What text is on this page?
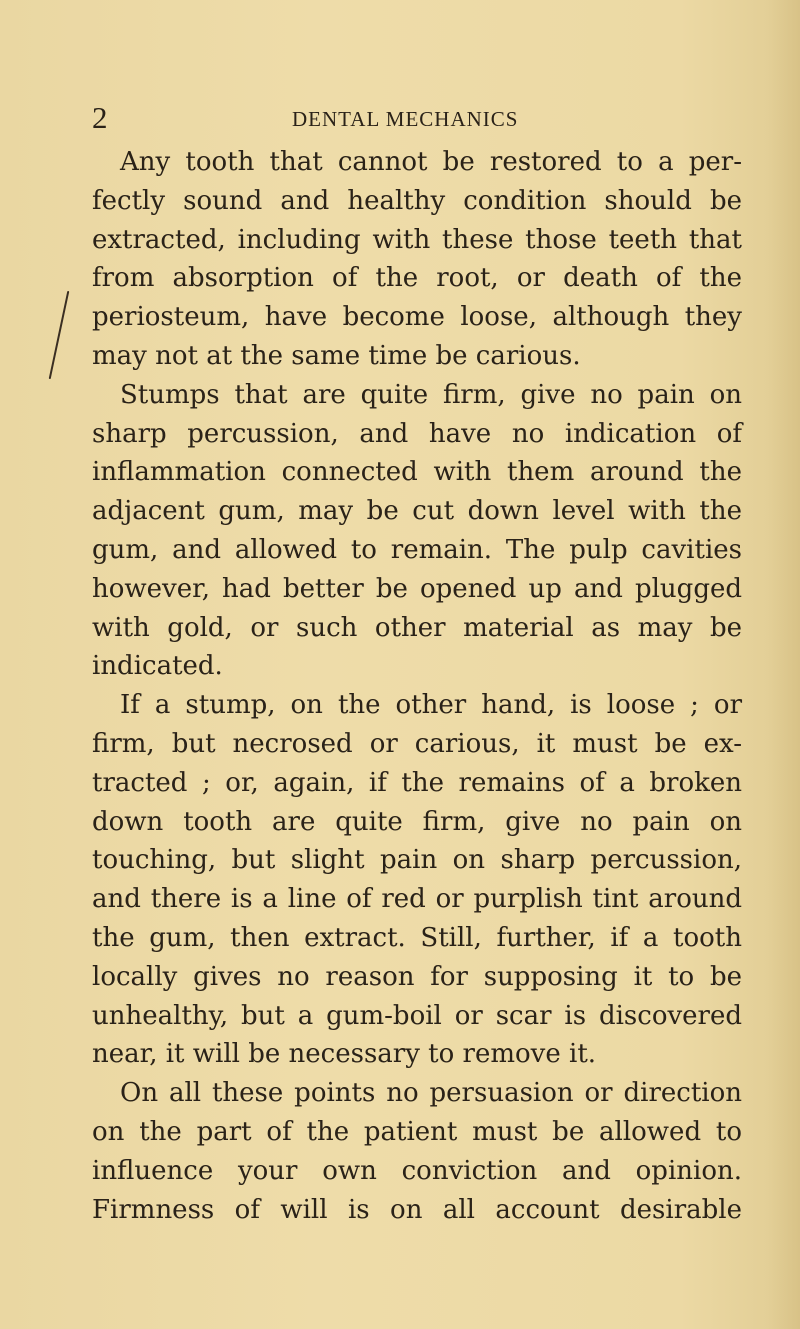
2	DENTAL MECHANICS
Any tooth that cannot be restored to a per-
fectly sound and healthy condition should be
extracted, including with these those teeth that
from absorption of the root, or death of the
periosteum, have become loose, although they
may not at the same time be carious.
Stumps that are quite firm, give no pain on
sharp percussion, and have no indication of
inflammation connected with them around the
adjacent gum, may be cut down level with the
gum, and allowed to remain. The pulp cavities
however, had better be opened up and plugged
with gold, or such other material as may be
indicated.
If a stump, on the other hand, is loose ; or
firm, but necrosed or carious, it must be ex-
tracted ; or, again, if the remains of a broken
down tooth are quite firm, give no pain on
touching, but slight pain on sharp percussion,
and there is a line of red or purplish tint around
the gum, then extract. Still, further, if a tooth
locally gives no reason for supposing it to be
unhealthy, but a gum-boil or scar is discovered
near, it will be necessary to remove it.
On all these points no persuasion or direction
on the part of the patient must be allowed to
influence your own conviction and opinion.
Firmness of will is on all account desirable
